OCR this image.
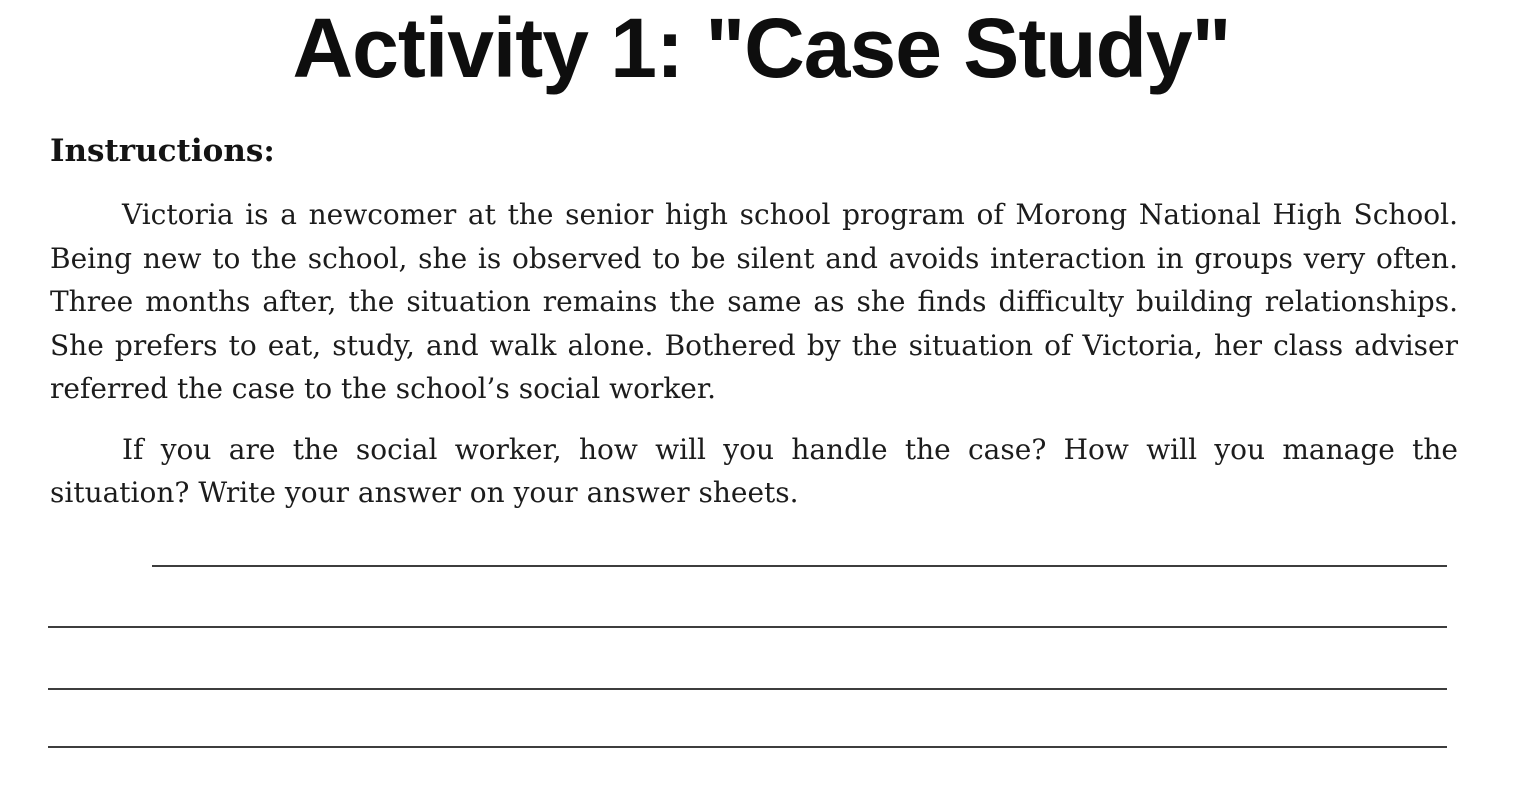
Activity 1: "Case Study"
Instructions:

Victoria is a newcomer at the senior high school program of Morong National High School. Being new to the school, she is observed to be silent and avoids interaction in groups very often. Three months after, the situation remains the same as she finds difficulty building relationships. She prefers to eat, study, and walk alone. Bothered by the situation of Victoria, her class adviser referred the case to the school’s social worker.

If you are the social worker, how will you handle the case? How will you manage the situation? Write your answer on your answer sheets.
